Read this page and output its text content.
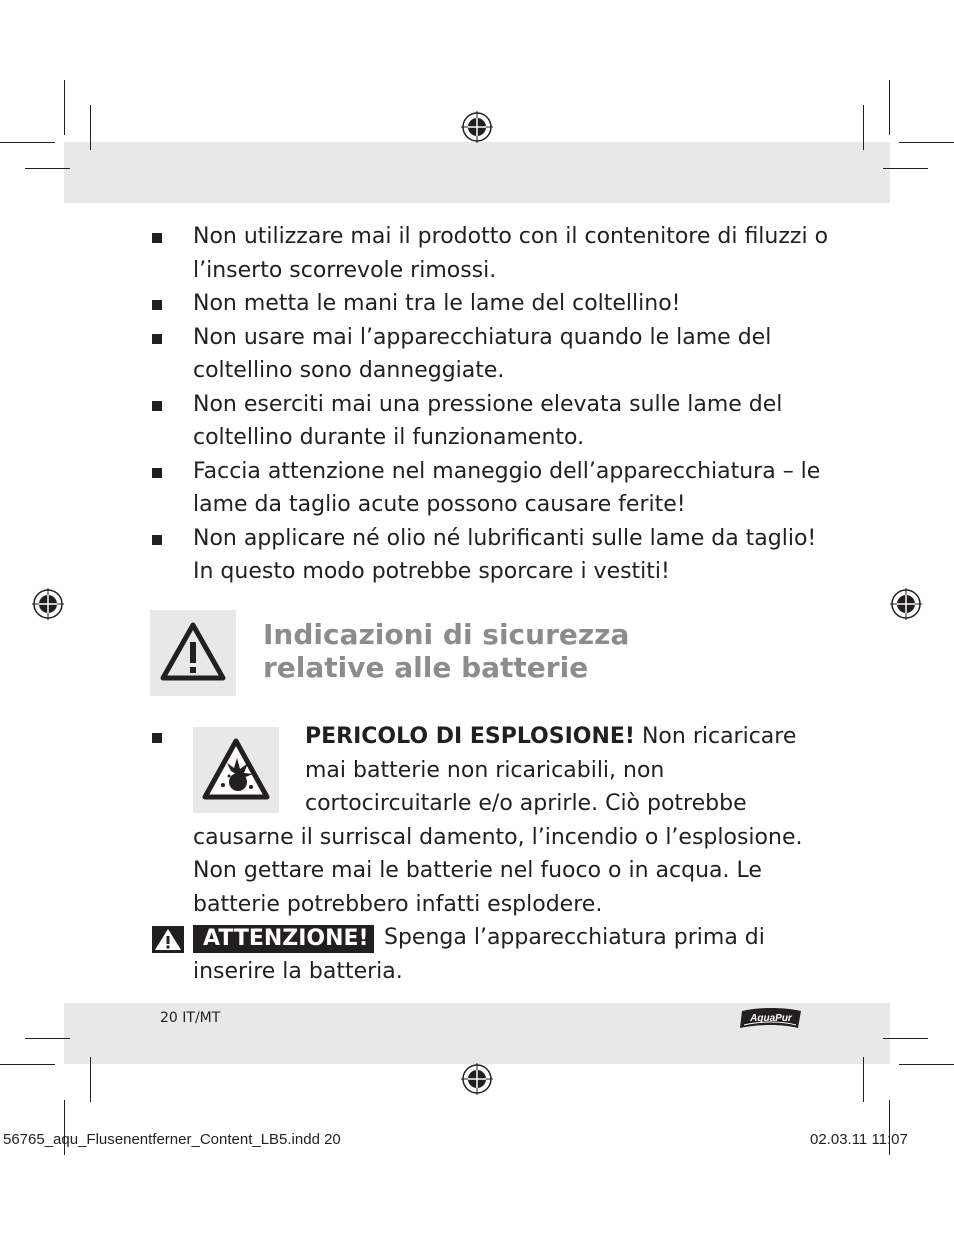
Non utilizzare mai il prodotto con il contenitore di filuzzi o l’inserto scorrevole rimossi.
Non metta le mani tra le lame del coltellino!
Non usare mai l’apparecchiatura quando le lame del coltellino sono danneggiate.
Non eserciti mai una pressione elevata sulle lame del coltellino durante il funzionamento.
Faccia attenzione nel maneggio dell’apparecchiatura – le lame da taglio acute possono causare ferite!
Non applicare né olio né lubrificanti sulle lame da taglio! In questo modo potrebbe sporcare i vestiti!
Indicazioni di sicurezza
relative alle batterie

PERICOLO DI ESPLOSIONE! Non ricaricare mai batterie non ricaricabili, non cortocircuitarle e/o aprirle. Ciò potrebbe causarne il surriscal damento, l’incendio o l’esplosione. Non gettare mai le batterie nel fuoco o in acqua. Le batterie potrebbero infatti esplodere.

ATTENZIONE! Spenga l’apparecchiatura prima di inserire la batteria.

20 IT/MT	AquaPur
56765_aqu_Flusenentferner_Content_LB5.indd 20	02.03.11 11:07
